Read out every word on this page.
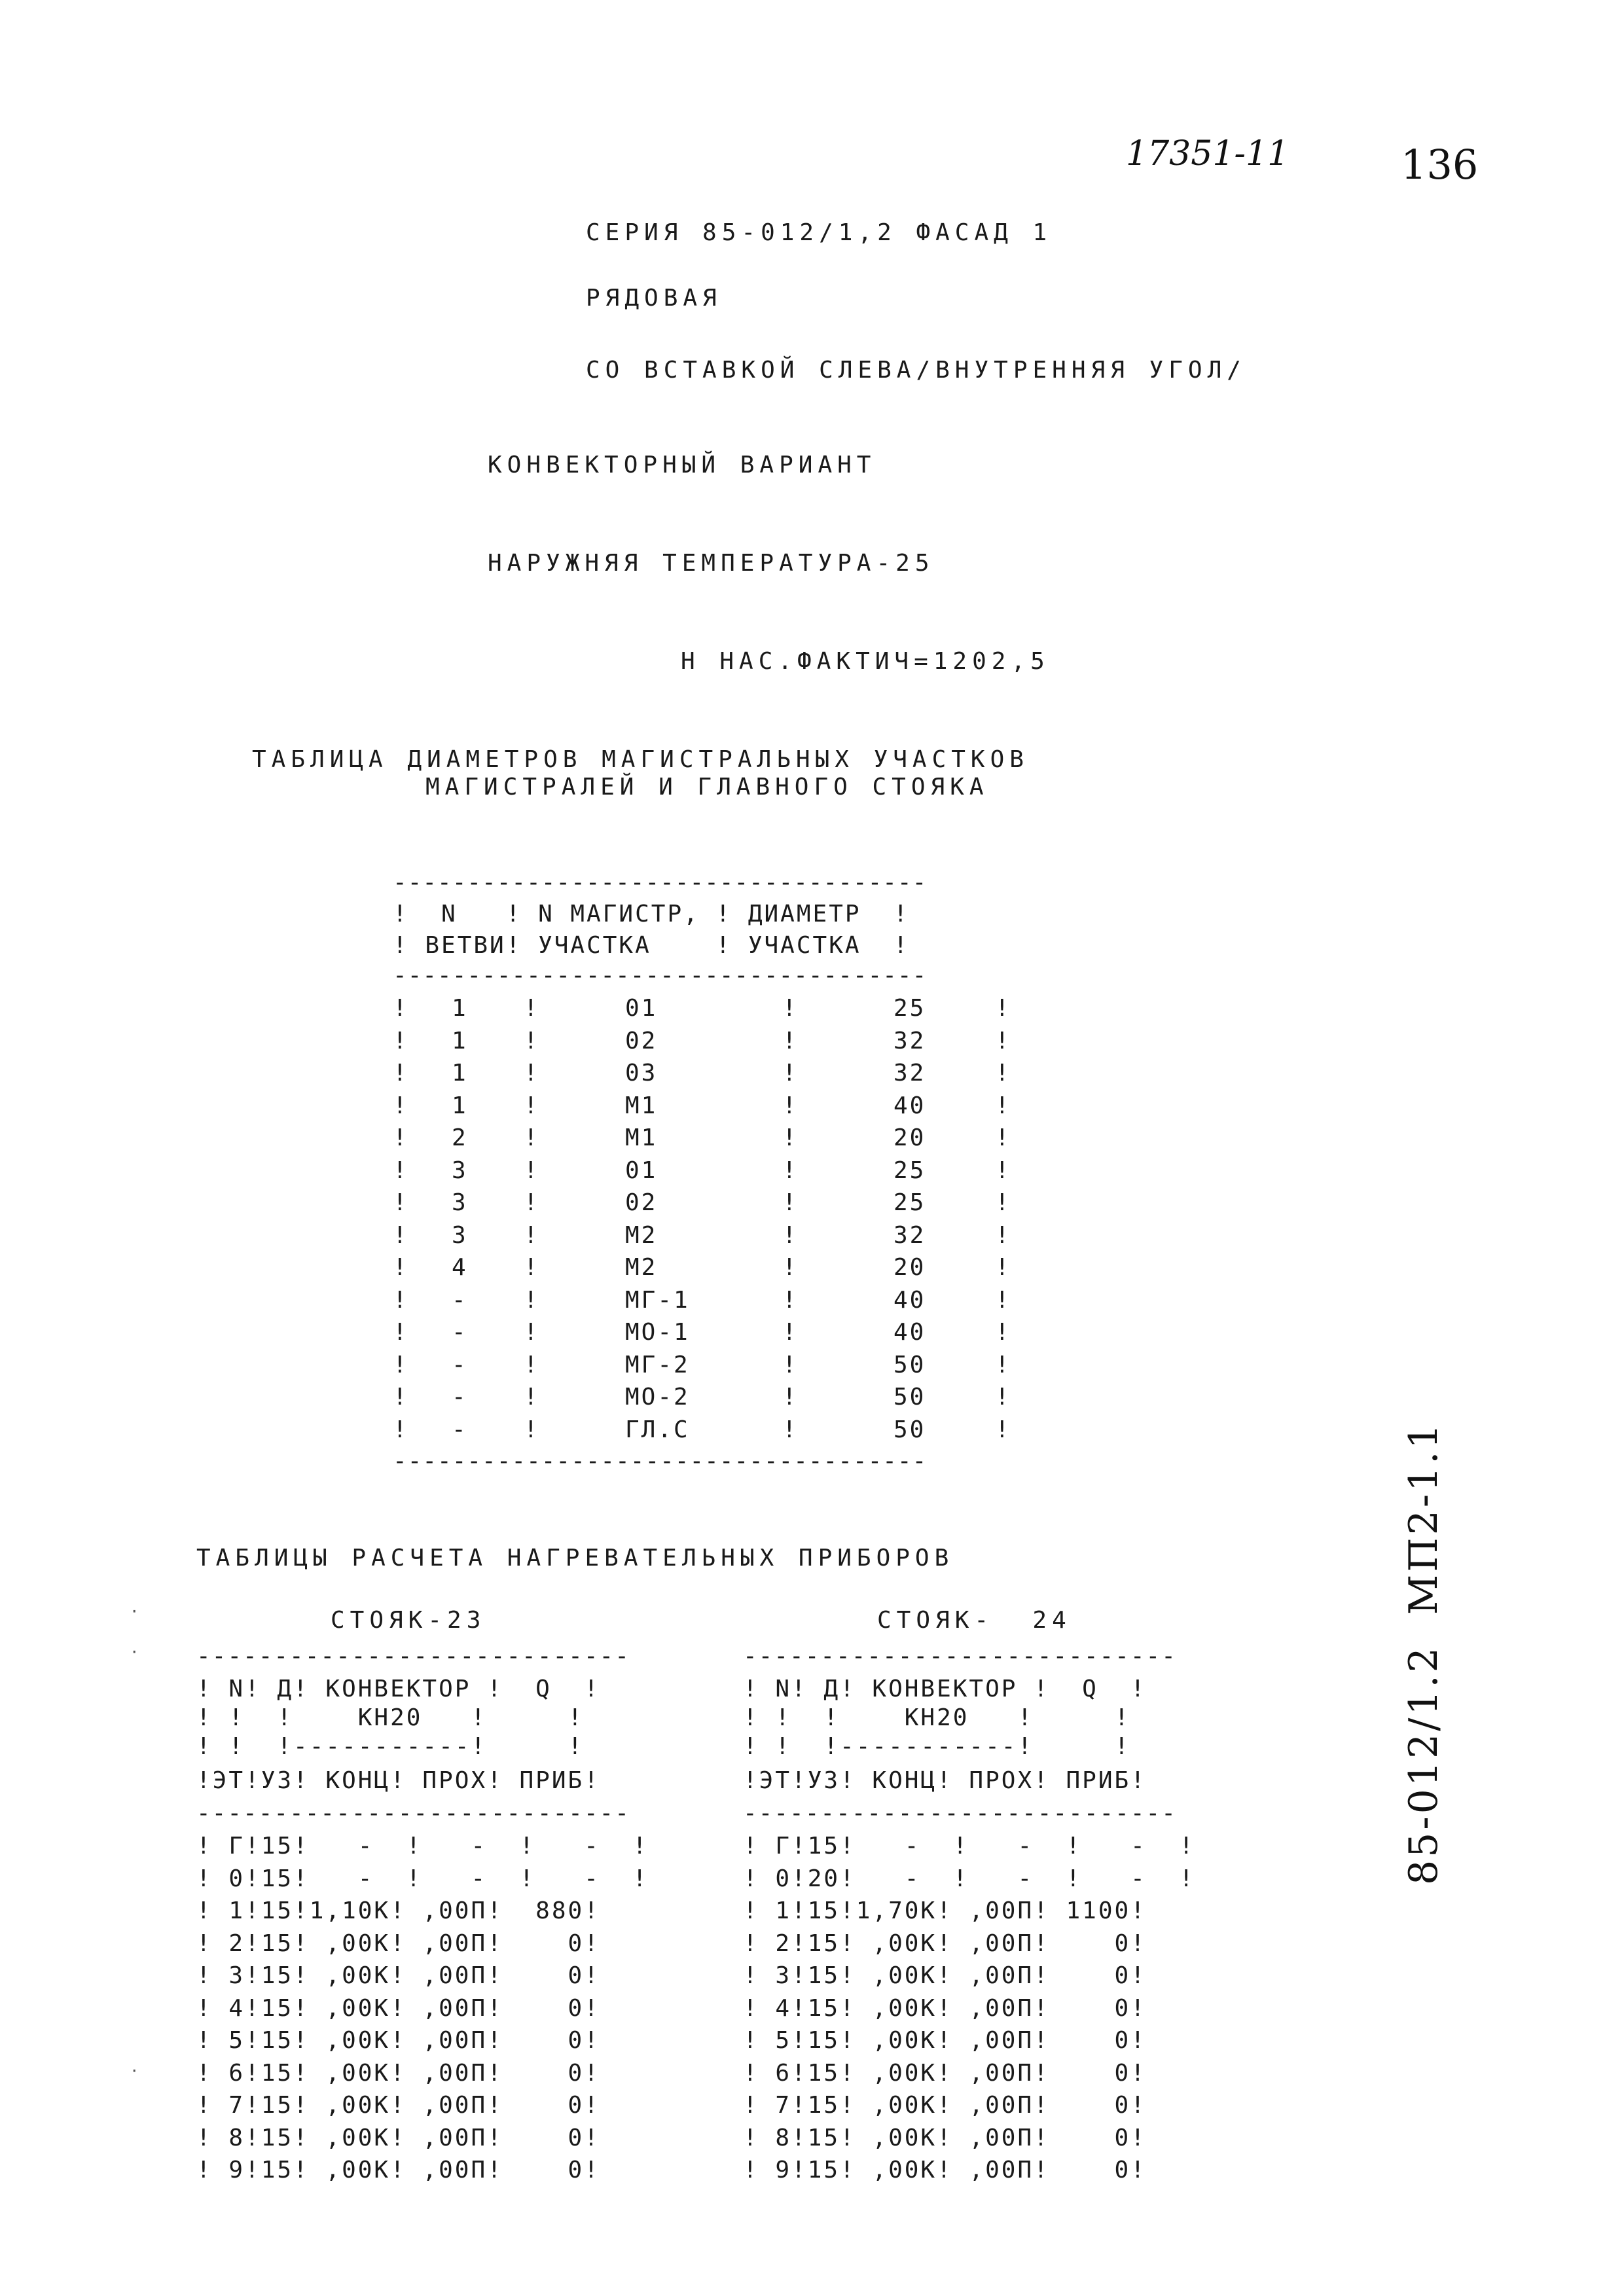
17351-11	136
СЕРИЯ 85-012/1,2 ФАСАД 1
РЯДОВАЯ
СО ВСТАВКОЙ СЛЕВА/ВНУТРЕННЯЯ УГОЛ/
КОНВЕКТОРНЫЙ ВАРИАНТ
НАРУЖНЯЯ ТЕМПЕРАТУРА-25
Н НАС.ФАКТИЧ=1202,5
ТАБЛИЦА ДИАМЕТРОВ МАГИСТРАЛЬНЫХ УЧАСТКОВ
МАГИСТРАЛЕЙ И ГЛАВНОГО СТОЯКА
------------------------------------
!  N   ! N МАГИСТР, ! ДИАМЕТР  !
! ВЕТВИ! УЧАСТКА    ! УЧАСТКА  !
------------------------------------
! 1 !	01	!	25	!
! 1 !	02	!	32	!
! 1 !	03	!	32	!
! 1 !	М1	!	40	!
! 2 !	М1	!	20	!
! 3 !	01	!	25	!
! 3 !	02	!	25	!
! 3 !	М2	!	32	!
! 4 !	М2	!	20	!
! - !	МГ-1	!	40	!
! - !	МО-1	!	40	!
! - !	МГ-2	!	50	!
! - !	МО-2	!	50	!
! - !	ГЛ.С	!	50	!
------------------------------------
ТАБЛИЦЫ РАСЧЕТА НАГРЕВАТЕЛЬНЫХ ПРИБОРОВ
СТОЯК-23	СТОЯК-  24
----------------------------
! N! Д! КОНВЕКТОР !  Q  !
! !  !    КН20   !     !
! !  !-----------!     !
!ЭТ!УЗ! КОНЦ! ПРОХ! ПРИБ!
----------------------------
! Г!15!   -  !   -  !   -  !
! 0!15!   -  !   -  !   -  !
! 1!15!1,10К! ,00П!  880!
! 2!15! ,00К! ,00П!    0!
! 3!15! ,00К! ,00П!    0!
! 4!15! ,00К! ,00П!    0!
! 5!15! ,00К! ,00П!    0!
! 6!15! ,00К! ,00П!    0!
! 7!15! ,00К! ,00П!    0!
! 8!15! ,00К! ,00П!    0!
! 9!15! ,00К! ,00П!    0!
----------------------------
! N! Д! КОНВЕКТОР !  Q  !
! !  !    КН20   !     !
! !  !-----------!     !
!ЭТ!УЗ! КОНЦ! ПРОХ! ПРИБ!
----------------------------
! Г!15!   -  !   -  !   -  !
! 0!20!   -  !   -  !   -  !
! 1!15!1,70К! ,00П! 1100!
! 2!15! ,00К! ,00П!    0!
! 3!15! ,00К! ,00П!    0!
! 4!15! ,00К! ,00П!    0!
! 5!15! ,00К! ,00П!    0!
! 6!15! ,00К! ,00П!    0!
! 7!15! ,00К! ,00П!    0!
! 8!15! ,00К! ,00П!    0!
! 9!15! ,00К! ,00П!    0!
85-012/1.2  МП2-1.1
·
·
·
